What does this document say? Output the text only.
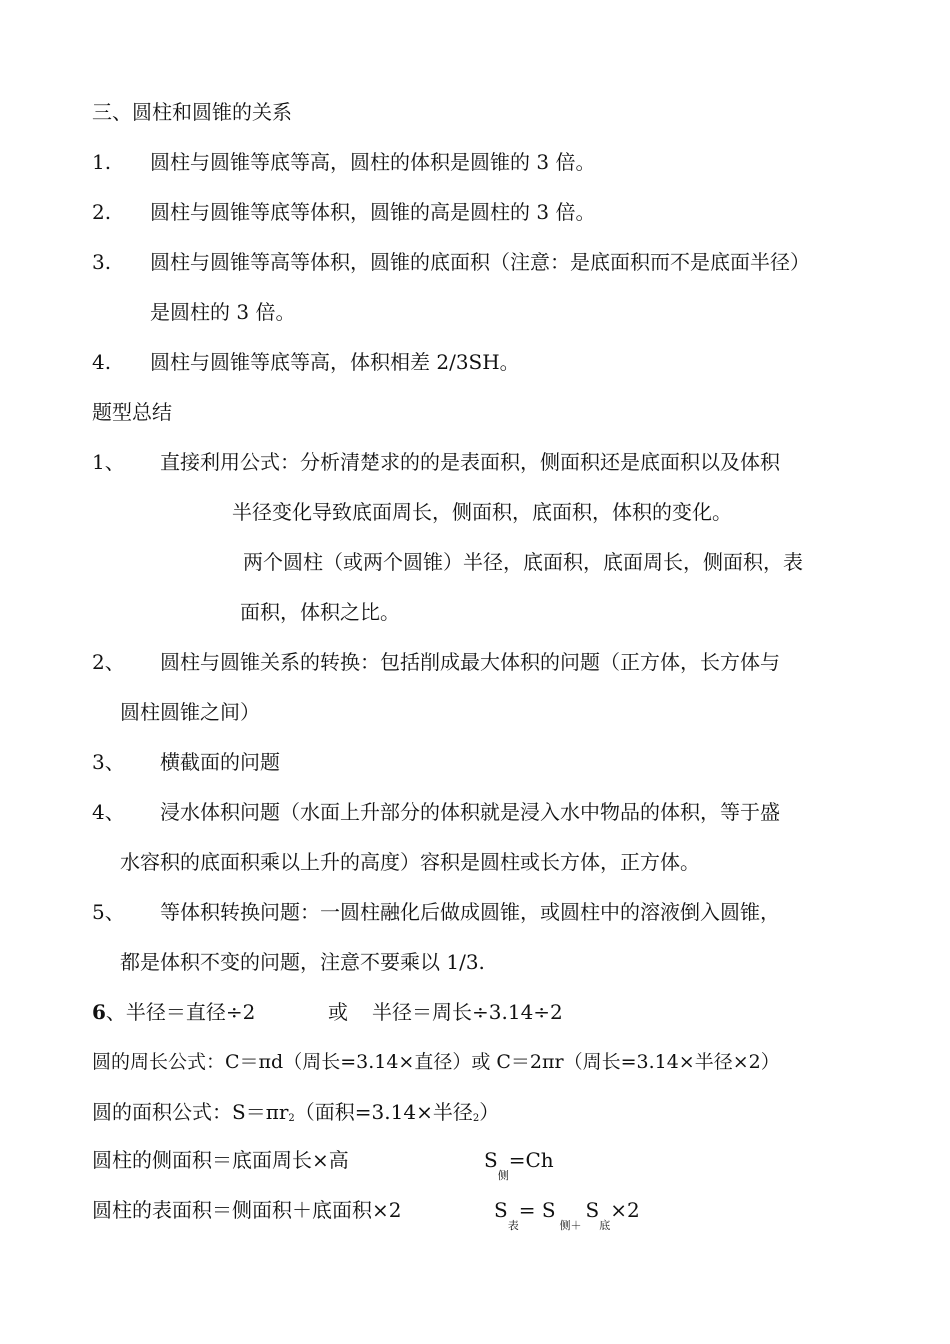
三、圆柱和圆锥的关系
1. 圆柱与圆锥等底等高，圆柱的体积是圆锥的 3 倍。
2. 圆柱与圆锥等底等体积，圆锥的高是圆柱的 3 倍。
3. 圆柱与圆锥等高等体积，圆锥的底面积（注意：是底面积而不是底面半径）
是圆柱的 3 倍。
4. 圆柱与圆锥等底等高，体积相差 2/3SH。
题型总结
1、 直接利用公式：分析清楚求的的是表面积，侧面积还是底面积以及体积
半径变化导致底面周长，侧面积，底面积，体积的变化。
两个圆柱（或两个圆锥）半径，底面积，底面周长，侧面积，表
面积，体积之比。
2、 圆柱与圆锥关系的转换：包括削成最大体积的问题（正方体，长方体与
圆柱圆锥之间）
3、 横截面的问题
4、 浸水体积问题（水面上升部分的体积就是浸入水中物品的体积，等于盛
水容积的底面积乘以上升的高度）容积是圆柱或长方体，正方体。
5、 等体积转换问题：一圆柱融化后做成圆锥，或圆柱中的溶液倒入圆锥，
都是体积不变的问题，注意不要乘以 1/3.
6、半径＝直径÷2	或 半径＝周长÷3.14÷2
圆的周长公式：C＝πd（周长=3.14×直径）或 C＝2πr（周长=3.14×半径×2）
圆的面积公式：S＝πr2（面积=3.14×半径2）
圆柱的侧面积＝底面周长×高	$S_侧=Ch$
圆柱的表面积＝侧面积＋底面积×2	$S_表= S_{侧+}S_底\times 2$
